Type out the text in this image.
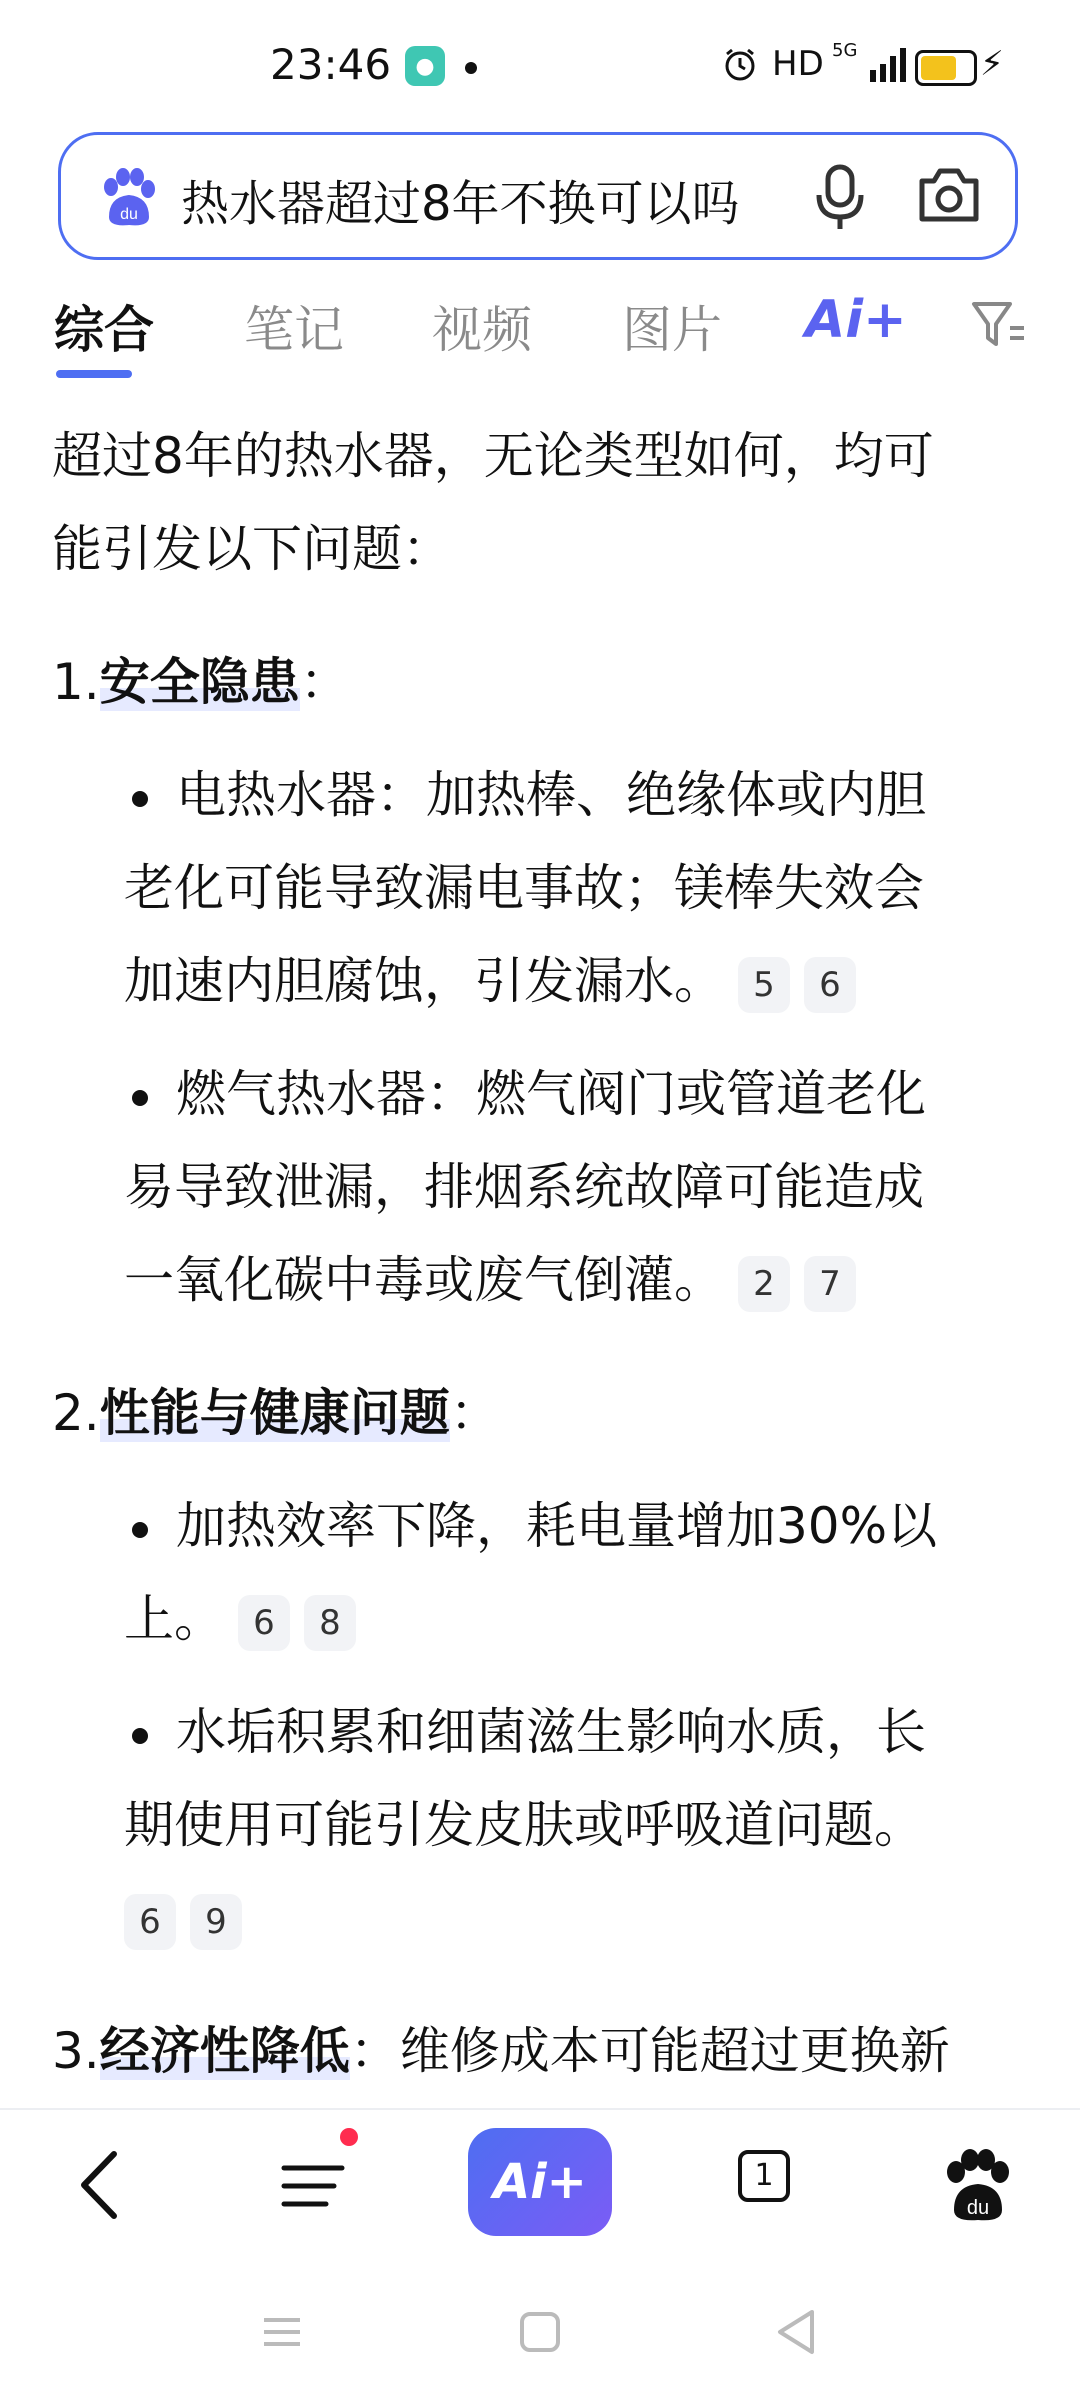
23:46	●	HD 5G	⚡
du 热水器超过8年不换可以吗
综合 笔记 视频 图片 Ai+
超过8年的热水器，无论类型如何，均可
能引发以下问题：
1.安全隐患：
电热水器：加热棒、绝缘体或内胆
老化可能导致漏电事故；镁棒失效会
加速内胆腐蚀，引发漏水。 5 6
燃气热水器：燃气阀门或管道老化
易导致泄漏，排烟系统故障可能造成
一氧化碳中毒或废气倒灌。 2 7
2.性能与健康问题：
加热效率下降，耗电量增加30%以
上。 6 8
水垢积累和细菌滋生影响水质，长
期使用可能引发皮肤或呼吸道问题。
6 9
3.经济性降低：维修成本可能超过更换新
Ai+	1
du
